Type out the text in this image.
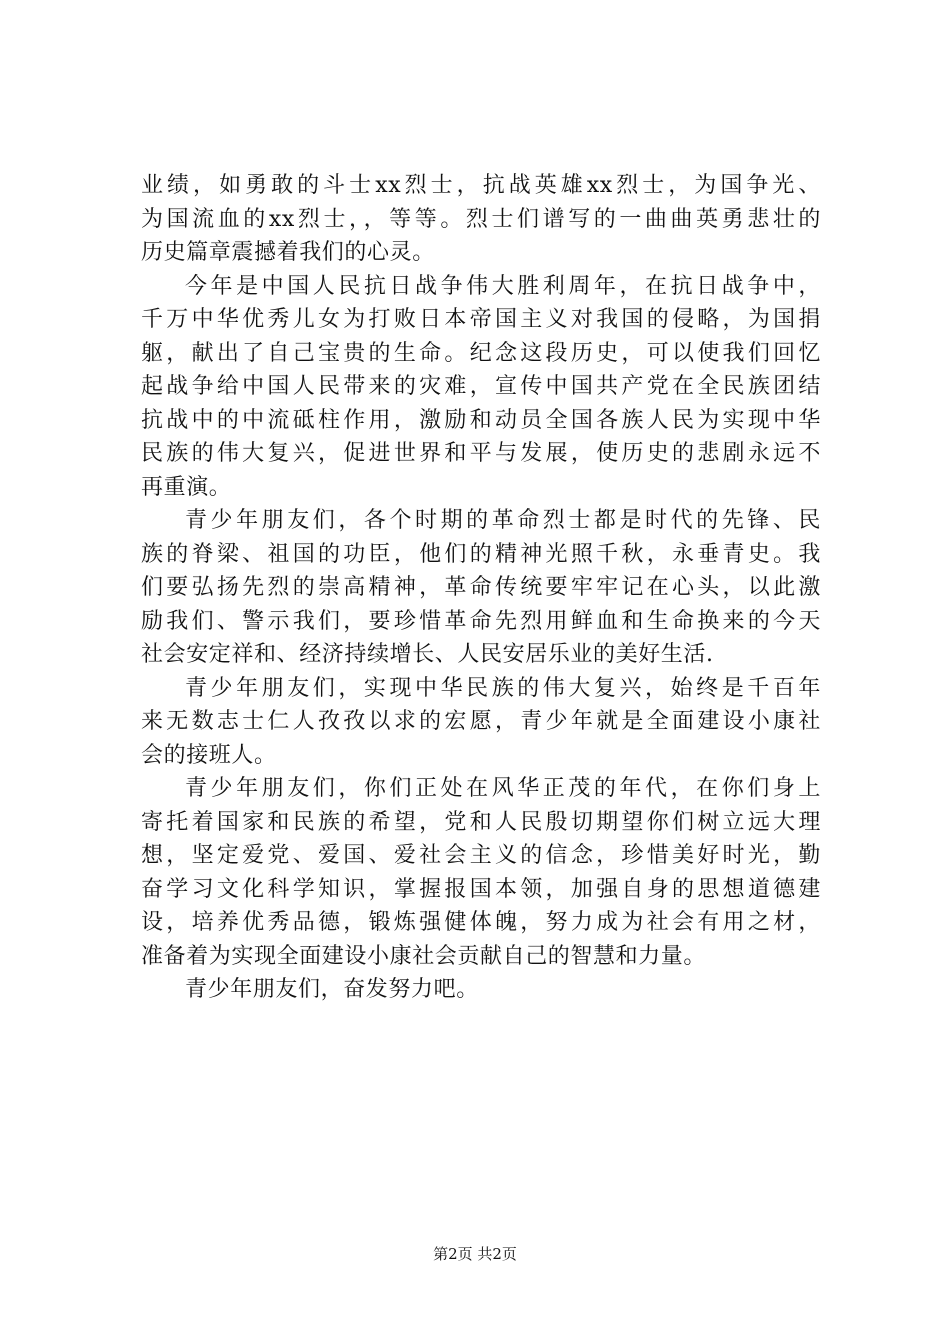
业绩，如勇敢的斗士xx烈士，抗战英雄xx烈士，为国争光、
为国流血的xx烈士，，等等。烈士们谱写的一曲曲英勇悲壮的
历史篇章震撼着我们的心灵。
今年是中国人民抗日战争伟大胜利周年，在抗日战争中，
千万中华优秀儿女为打败日本帝国主义对我国的侵略，为国捐
躯，献出了自己宝贵的生命。纪念这段历史，可以使我们回忆
起战争给中国人民带来的灾难，宣传中国共产党在全民族团结
抗战中的中流砥柱作用，激励和动员全国各族人民为实现中华
民族的伟大复兴，促进世界和平与发展，使历史的悲剧永远不
再重演。
青少年朋友们，各个时期的革命烈士都是时代的先锋、民
族的脊梁、祖国的功臣，他们的精神光照千秋，永垂青史。我
们要弘扬先烈的崇高精神，革命传统要牢牢记在心头，以此激
励我们、警示我们，要珍惜革命先烈用鲜血和生命换来的今天
社会安定祥和、经济持续增长、人民安居乐业的美好生活.
青少年朋友们，实现中华民族的伟大复兴，始终是千百年
来无数志士仁人孜孜以求的宏愿，青少年就是全面建设小康社
会的接班人。
青少年朋友们，你们正处在风华正茂的年代，在你们身上
寄托着国家和民族的希望，党和人民殷切期望你们树立远大理
想，坚定爱党、爱国、爱社会主义的信念，珍惜美好时光，勤
奋学习文化科学知识，掌握报国本领，加强自身的思想道德建
设，培养优秀品德，锻炼强健体魄，努力成为社会有用之材，
准备着为实现全面建设小康社会贡献自己的智慧和力量。
青少年朋友们，奋发努力吧。
第2页 共2页
